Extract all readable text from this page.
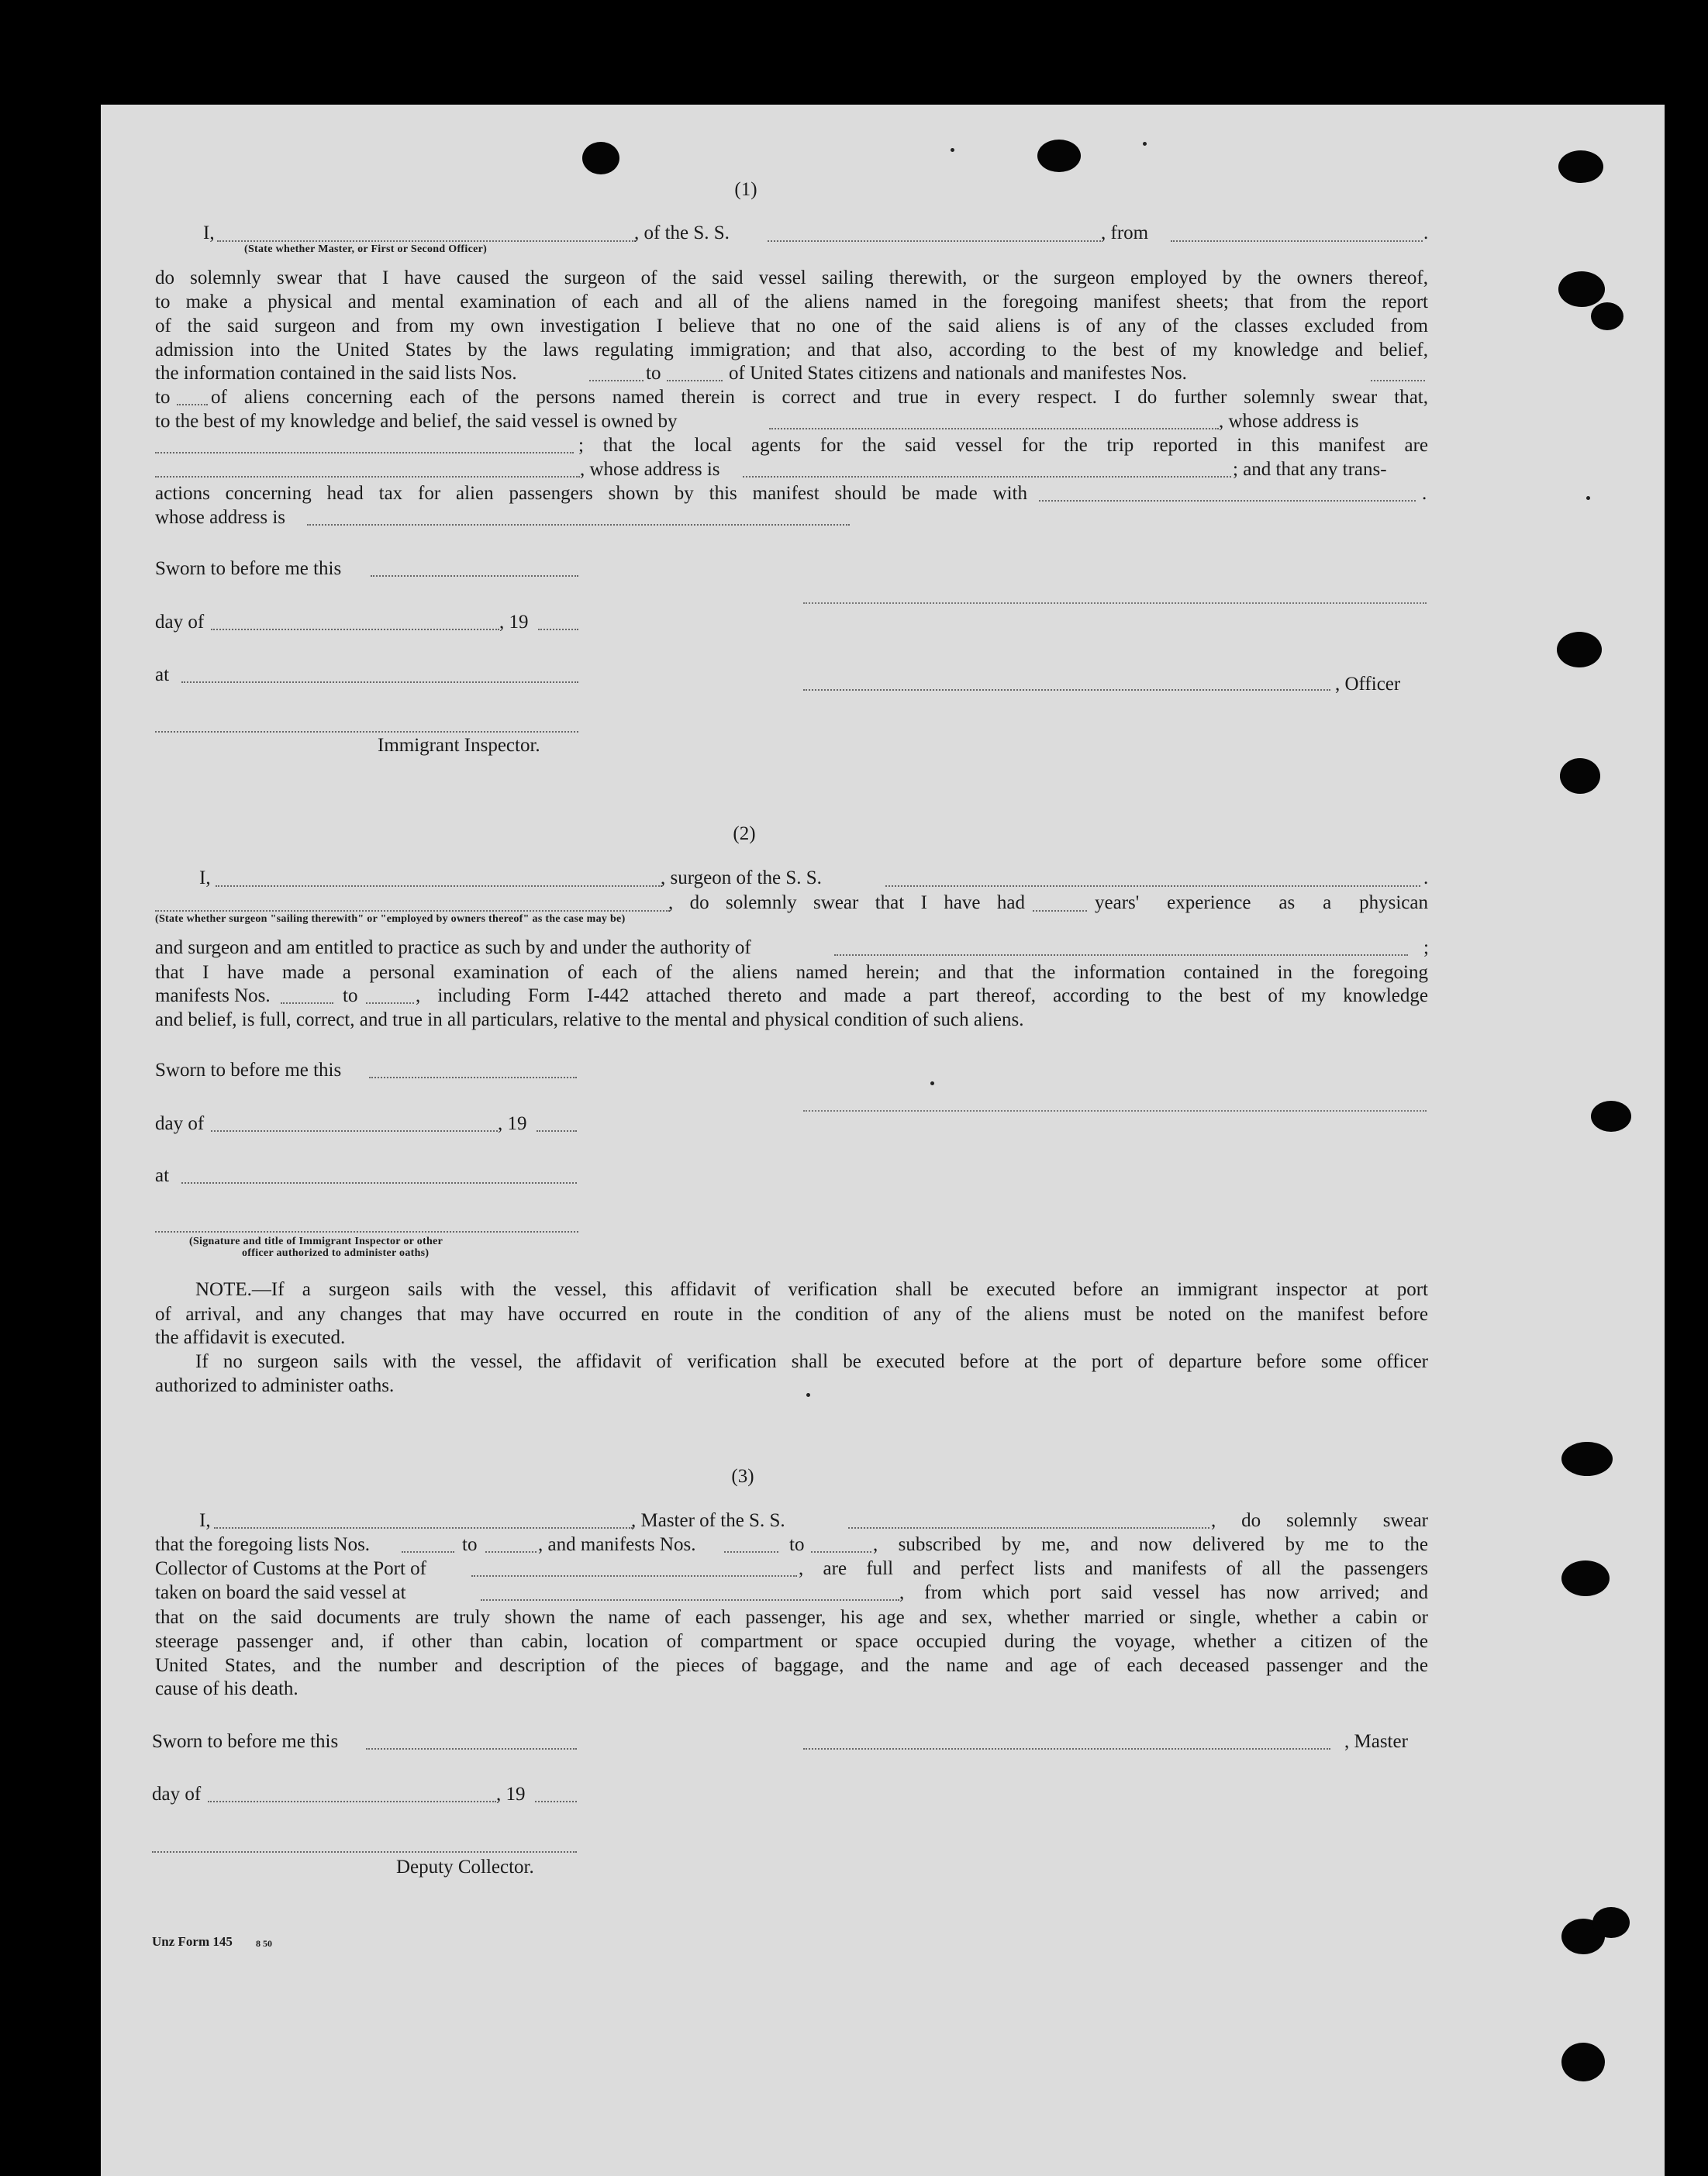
(1)
I,	, of the S. S.	, from	.
(State whether Master, or First or Second Officer)
do solemnly swear that I have caused the surgeon of the said vessel sailing therewith, or the surgeon employed by the owners thereof,
to make a physical and mental examination of each and all of the aliens named in the foregoing manifest sheets; that from the report
of the said surgeon and from my own investigation I believe that no one of the said aliens is of any of the classes excluded from
admission into the United States by the laws regulating immigration; and that also, according to the best of my knowledge and belief,
the information contained in the said lists Nos.	to	of United States citizens and nationals and manifestes Nos.
to of aliens concerning each of the persons named therein is correct and true in every respect. I do further solemnly swear that,
to the best of my knowledge and belief, the said vessel is owned by	, whose address is
; that the local agents for the said vessel for the trip reported in this manifest are
, whose address is	; and that any trans-
actions concerning head tax for alien passengers shown by this manifest should be made with	.
whose address is
Sworn to before me this
day of	, 19
at	, Officer
Immigrant Inspector.
(2)
I,	, surgeon of the S. S.	.
, do solemnly swear that I have had	years' experience as a physican
(State whether surgeon "sailing therewith" or "employed by owners thereof" as the case may be)
and surgeon and am entitled to practice as such by and under the authority of	;
that I have made a personal examination of each of the aliens named herein; and that the information contained in the foregoing
manifests Nos.	to	, including Form I-442 attached thereto and made a part thereof, according to the best of my knowledge
and belief, is full, correct, and true in all particulars, relative to the mental and physical condition of such aliens.
Sworn to before me this
day of	, 19
at
(Signature and title of Immigrant Inspector or other
officer authorized to administer oaths)
NOTE.—If a surgeon sails with the vessel, this affidavit of verification shall be executed before an immigrant inspector at port
of arrival, and any changes that may have occurred en route in the condition of any of the aliens must be noted on the manifest before
the affidavit is executed.
If no surgeon sails with the vessel, the affidavit of verification shall be executed before at the port of departure before some officer
authorized to administer oaths.
(3)
I,	, Master of the S. S.	, do solemnly swear
that the foregoing lists Nos.	to	, and manifests Nos.	to	, subscribed by me, and now delivered by me to the
Collector of Customs at the Port of	, are full and perfect lists and manifests of all the passengers
taken on board the said vessel at	, from which port said vessel has now arrived; and
that on the said documents are truly shown the name of each passenger, his age and sex, whether married or single, whether a cabin or
steerage passenger and, if other than cabin, location of compartment or space occupied during the voyage, whether a citizen of the
United States, and the number and description of the pieces of baggage, and the name and age of each deceased passenger and the
cause of his death.
Sworn to before me this	, Master
day of	, 19
Deputy Collector.
Unz Form 145	8 50
